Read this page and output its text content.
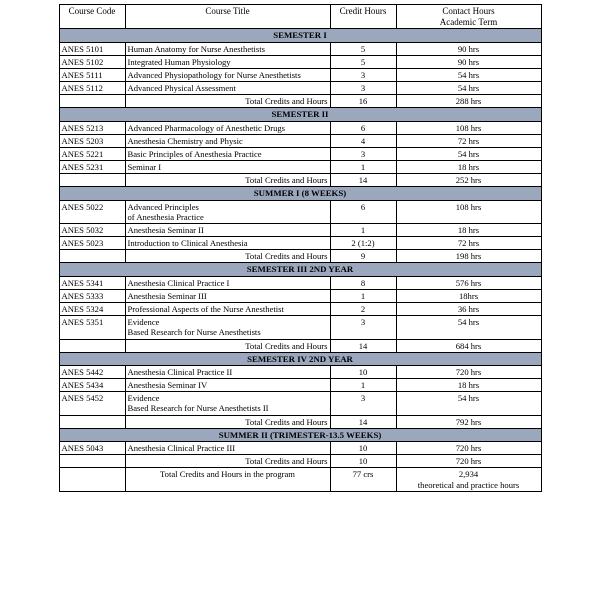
Course Code	Course Title	Credit Hours	Contact Hours
Academic Term

SEMESTER I			
ANES 5101	Human Anatomy for Nurse Anesthetists	5	90 hrs
ANES 5102	Integrated Human Physiology	5	90 hrs
ANES 5111	Advanced Physiopathology for Nurse Anesthetists	3	54 hrs
ANES 5112	Advanced Physical Assessment	3	54 hrs
	Total Credits and Hours	16	288 hrs
SEMESTER II			
ANES 5213	Advanced Pharmacology of Anesthetic Drugs	6	108 hrs
ANES 5203	Anesthesia Chemistry and Physic	4	72 hrs
ANES 5221	Basic Principles of Anesthesia Practice	3	54 hrs
ANES 5231	Seminar I	1	18 hrs
	Total Credits and Hours	14	252 hrs
SUMMER I (8 WEEKS)			
ANES 5022	Advanced Principles
of Anesthesia Practice	6	108 hrs
ANES 5032	Anesthesia Seminar II	1	18 hrs
ANES 5023	Introduction to Clinical Anesthesia	2 (1:2)	72 hrs
	Total Credits and Hours	9	198 hrs
SEMESTER III 2ND YEAR			
ANES 5341	Anesthesia Clinical Practice I	8	576 hrs
ANES 5333	Anesthesia Seminar III	1	18hrs
ANES 5324	Professional Aspects of the Nurse Anesthetist	2	36 hrs
ANES 5351	Evidence
Based Research for Nurse Anesthetists	3	54 hrs
	Total Credits and Hours	14	684 hrs
SEMESTER IV 2ND YEAR			
ANES 5442	Anesthesia Clinical Practice II	10	720 hrs
ANES 5434	Anesthesia Seminar IV	1	18 hrs
ANES 5452	Evidence
Based Research for Nurse Anesthetists II	3	54 hrs
	Total Credits and Hours	14	792 hrs
SUMMER II (TRIMESTER-13.5 WEEKS)			
ANES 5043	Anesthesia Clinical Practice III	10	720 hrs
	Total Credits and Hours	10	720 hrs
	Total Credits and Hours in the program	77 crs	2,934
theoretical and practice hours
